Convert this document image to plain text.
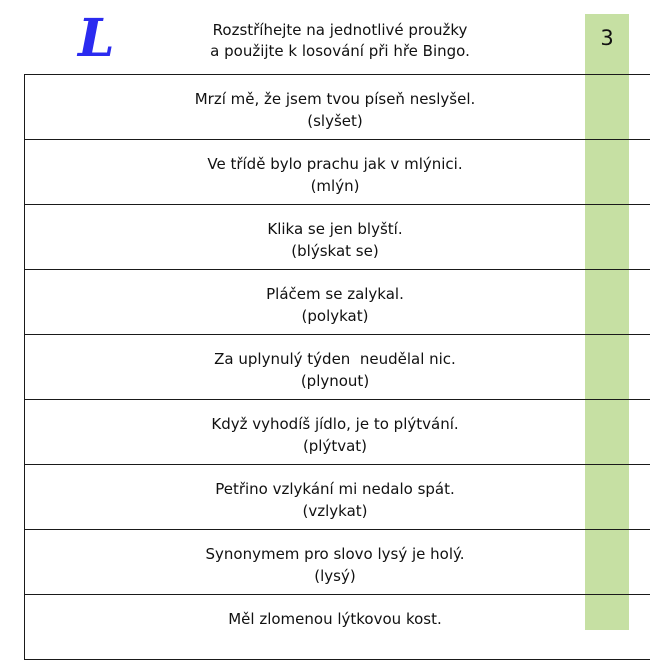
3
L	Rozstříhejte na jednotlivé proužky
a použijte k losování při hře Bingo.
Mrzí mě, že jsem tvou píseň neslyšel.
(slyšet)
Ve třídě bylo prachu jak v mlýnici.
(mlýn)
Klika se jen blyští.
(blýskat se)
Pláčem se zalykal.
(polykat)
Za uplynulý týden  neudělal nic.
(plynout)
Když vyhodíš jídlo, je to plýtvání.
(plýtvat)
Petřino vzlykání mi nedalo spát.
(vzlykat)
Synonymem pro slovo lysý je holý.
(lysý)
Měl zlomenou lýtkovou kost.
